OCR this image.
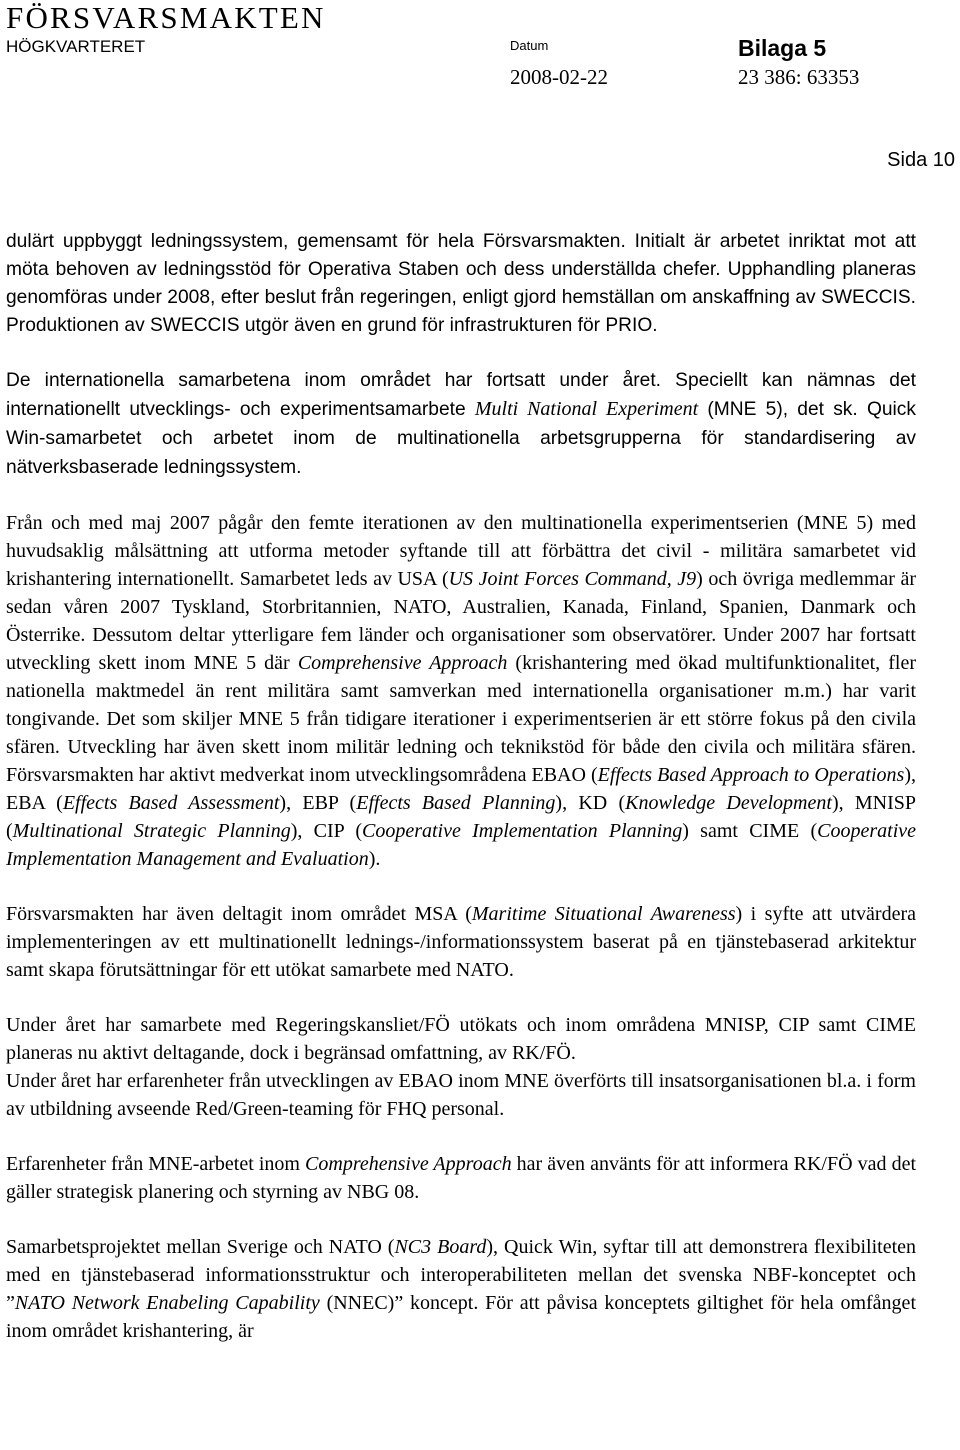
FÖRSVARSMAKTEN
HÖGKVARTERET	Datum	Bilaga 5
2008-02-22	23 386: 63353
Sida 10

dulärt uppbyggt ledningssystem, gemensamt för hela Försvarsmakten. Initialt är arbetet inriktat mot att möta behoven av ledningsstöd för Operativa Staben och dess underställda chefer. Upphandling planeras genomföras under 2008, efter beslut från regeringen, enligt gjord hemställan om anskaffning av SWECCIS. Produktionen av SWECCIS utgör även en grund för infrastrukturen för PRIO.

De internationella samarbetena inom området har fortsatt under året. Speciellt kan nämnas det internationellt utvecklings- och experimentsamarbete Multi National Experiment (MNE 5), det sk. Quick Win-samarbetet och arbetet inom de multinationella arbetsgrupperna för standardisering av nätverksbaserade ledningssystem.

Från och med maj 2007 pågår den femte iterationen av den multinationella experimentserien (MNE 5) med huvudsaklig målsättning att utforma metoder syftande till att förbättra det civil - militära samarbetet vid krishantering internationellt. Samarbetet leds av USA (US Joint Forces Command, J9) och övriga medlemmar är sedan våren 2007 Tyskland, Storbritannien, NATO, Australien, Kanada, Finland, Spanien, Danmark och Österrike. Dessutom deltar ytterligare fem länder och organisationer som observatörer. Under 2007 har fortsatt utveckling skett inom MNE 5 där Comprehensive Approach (krishantering med ökad multifunktionalitet, fler nationella maktmedel än rent militära samt samverkan med internationella organisationer m.m.) har varit tongivande. Det som skiljer MNE 5 från tidigare iterationer i experimentserien är ett större fokus på den civila sfären. Utveckling har även skett inom militär ledning och teknikstöd för både den civila och militära sfären. Försvarsmakten har aktivt medverkat inom utvecklingsområdena EBAO (Effects Based Approach to Operations), EBA (Effects Based Assessment), EBP (Effects Based Planning), KD (Knowledge Development), MNISP (Multinational Strategic Planning), CIP (Cooperative Implementation Planning) samt CIME (Cooperative Implementation Management and Evaluation).

Försvarsmakten har även deltagit inom området MSA (Maritime Situational Awareness) i syfte att utvärdera implementeringen av ett multinationellt lednings-/informationssystem baserat på en tjänstebaserad arkitektur samt skapa förutsättningar för ett utökat samarbete med NATO.

Under året har samarbete med Regeringskansliet/FÖ utökats och inom områdena MNISP, CIP samt CIME planeras nu aktivt deltagande, dock i begränsad omfattning, av RK/FÖ.

Under året har erfarenheter från utvecklingen av EBAO inom MNE överförts till insatsorganisationen bl.a. i form av utbildning avseende Red/Green-teaming för FHQ personal.

Erfarenheter från MNE-arbetet inom Comprehensive Approach har även använts för att informera RK/FÖ vad det gäller strategisk planering och styrning av NBG 08.

Samarbetsprojektet mellan Sverige och NATO (NC3 Board), Quick Win, syftar till att demonstrera flexibiliteten med en tjänstebaserad informationsstruktur och interoperabiliteten mellan det svenska NBF-konceptet och ”NATO Network Enabeling Capability (NNEC)” koncept. För att påvisa konceptets giltighet för hela omfånget inom området krishantering, är
